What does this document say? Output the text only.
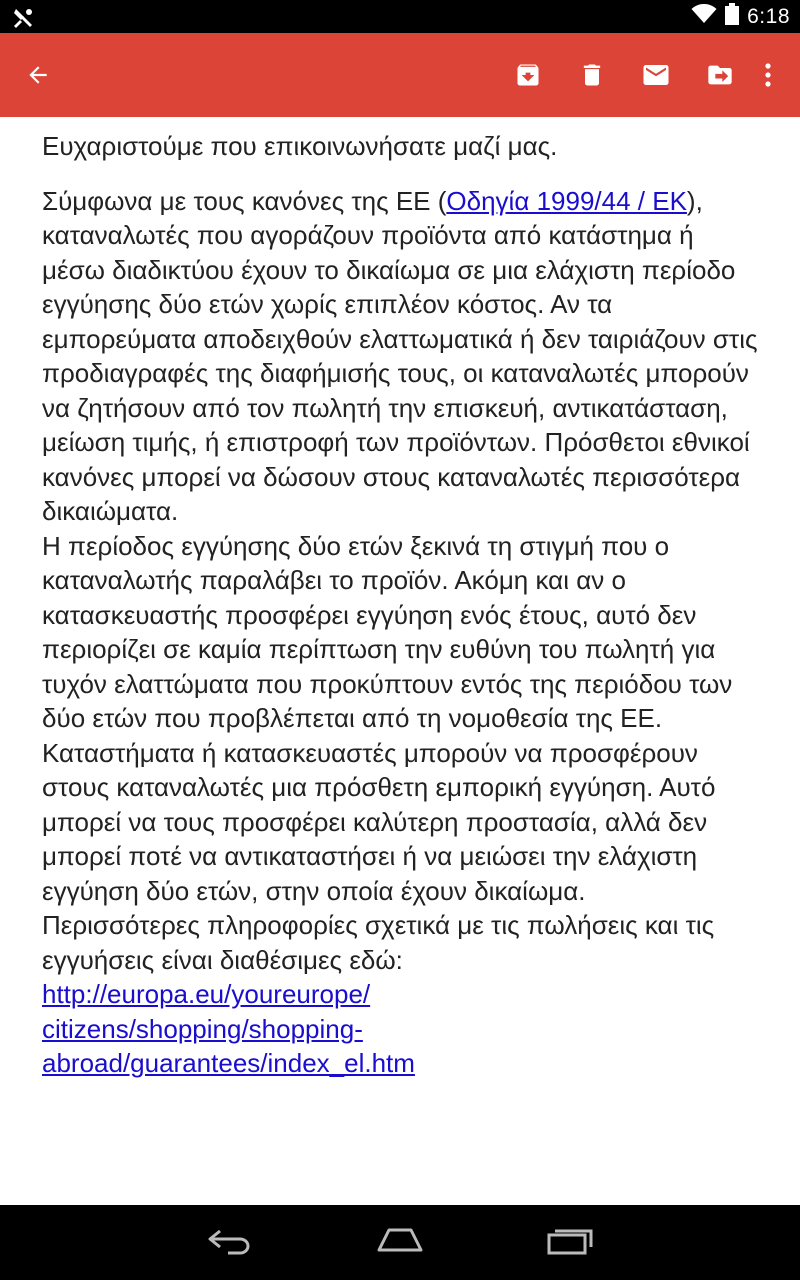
6:18

Ευχαριστούμε που επικοινωνήσατε μαζί μας.

Σύμφωνα με τους κανόνες της ΕΕ (Οδηγία 1999/44 / ΕΚ), καταναλωτές που αγοράζουν προϊόντα από κατάστημα ή μέσω διαδικτύου έχουν το δικαίωμα σε μια ελάχιστη περίοδο εγγύησης δύο ετών χωρίς επιπλέον κόστος. Αν τα εμπορεύματα αποδειχθούν ελαττωματικά ή δεν ταιριάζουν στις προδιαγραφές της διαφήμισής τους, οι καταναλωτές μπορούν να ζητήσουν από τον πωλητή την επισκευή, αντικατάσταση, μείωση τιμής, ή επιστροφή των προϊόντων. Πρόσθετοι εθνικοί κανόνες μπορεί να δώσουν στους καταναλωτές περισσότερα δικαιώματα.

Η περίοδος εγγύησης δύο ετών ξεκινά τη στιγμή που ο καταναλωτής παραλάβει το προϊόν. Ακόμη και αν ο κατασκευαστής προσφέρει εγγύηση ενός έτους, αυτό δεν περιορίζει σε καμία περίπτωση την ευθύνη του πωλητή για τυχόν ελαττώματα που προκύπτουν εντός της περιόδου των δύο ετών που προβλέπεται από τη νομοθεσία της ΕΕ.

Καταστήματα ή κατασκευαστές μπορούν να προσφέρουν στους καταναλωτές μια πρόσθετη εμπορική εγγύηση. Αυτό μπορεί να τους προσφέρει καλύτερη προστασία, αλλά δεν μπορεί ποτέ να αντικαταστήσει ή να μειώσει την ελάχιστη εγγύηση δύο ετών, στην οποία έχουν δικαίωμα.

Περισσότερες πληροφορίες σχετικά με τις πωλήσεις και τις εγγυήσεις είναι διαθέσιμες εδώ:

http://europa.eu/youreurope/
citizens/shopping/shopping-
abroad/guarantees/index_el.htm
